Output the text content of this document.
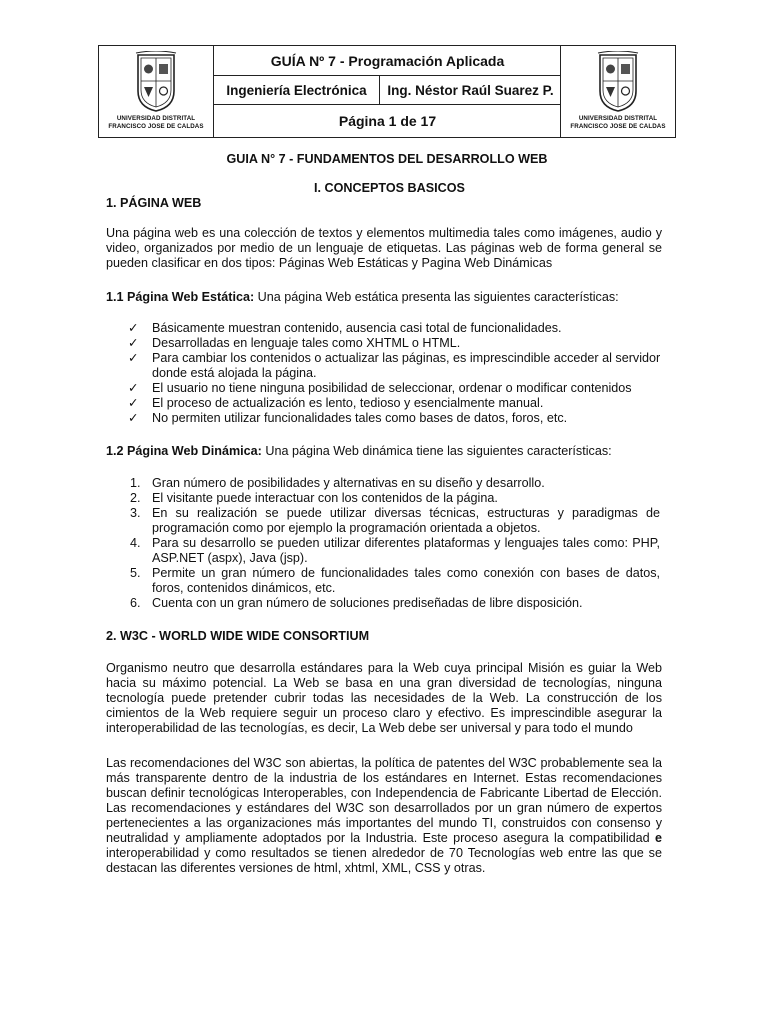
UNIVERSIDAD DISTRITAL
FRANCISCO JOSE DE CALDAS
GUÍA Nº 7 - Programación Aplicada
Ingeniería Electrónica	Ing. Néstor Raúl Suarez P.
Página 1 de 17	UNIVERSIDAD DISTRITAL
FRANCISCO JOSE DE CALDAS
GUIA N° 7 - FUNDAMENTOS DEL DESARROLLO WEB
I. CONCEPTOS BASICOS
1. PÁGINA WEB
Una página web es una colección de textos y elementos multimedia tales como imágenes, audio y video, organizados por medio de un lenguaje de etiquetas. Las páginas web de forma general se pueden clasificar en dos tipos: Páginas Web Estáticas y Pagina Web Dinámicas
1.1 Página Web Estática: Una página Web estática presenta las siguientes características:
✓ Básicamente muestran contenido, ausencia casi total de funcionalidades.
✓ Desarrolladas en lenguaje tales como XHTML o HTML.
✓ Para cambiar los contenidos o actualizar las páginas, es imprescindible acceder al servidor donde está alojada la página.
✓ El usuario no tiene ninguna posibilidad de seleccionar, ordenar o modificar contenidos
✓ El proceso de actualización es lento, tedioso y esencialmente manual.
✓ No permiten utilizar funcionalidades tales como bases de datos, foros, etc.
1.2 Página Web Dinámica: Una página Web dinámica tiene las siguientes características:
1. Gran número de posibilidades y alternativas en su diseño y desarrollo.
2. El visitante puede interactuar con los contenidos de la página.
3. En su realización se puede utilizar diversas técnicas, estructuras y paradigmas de programación como por ejemplo la programación orientada a objetos.
4. Para su desarrollo se pueden utilizar diferentes plataformas y lenguajes tales como: PHP, ASP.NET (aspx), Java (jsp).
5. Permite un gran número de funcionalidades tales como conexión con bases de datos, foros, contenidos dinámicos, etc.
6. Cuenta con un gran número de soluciones prediseñadas de libre disposición.
2. W3C - WORLD WIDE WIDE CONSORTIUM
Organismo neutro que desarrolla estándares para la Web cuya principal Misión es guiar la Web hacia su máximo potencial. La Web se basa en una gran diversidad de tecnologías, ninguna tecnología puede pretender cubrir todas las necesidades de la Web. La construcción de los cimientos de la Web requiere seguir un proceso claro y efectivo. Es imprescindible asegurar la interoperabilidad de las tecnologías, es decir, La Web debe ser universal y para todo el mundo
Las recomendaciones del W3C son abiertas, la política de patentes del W3C probablemente sea la más transparente dentro de la industria de los estándares en Internet. Estas recomendaciones buscan definir tecnológicas Interoperables, con Independencia de Fabricante Libertad de Elección. Las recomendaciones y estándares del W3C son desarrollados por un gran número de expertos pertenecientes a las organizaciones más importantes del mundo TI, construidos con consenso y neutralidad y ampliamente adoptados por la Industria. Este proceso asegura la compatibilidad e interoperabilidad y como resultados se tienen alrededor de 70 Tecnologías web entre las que se destacan las diferentes versiones de html, xhtml, XML, CSS y otras.
